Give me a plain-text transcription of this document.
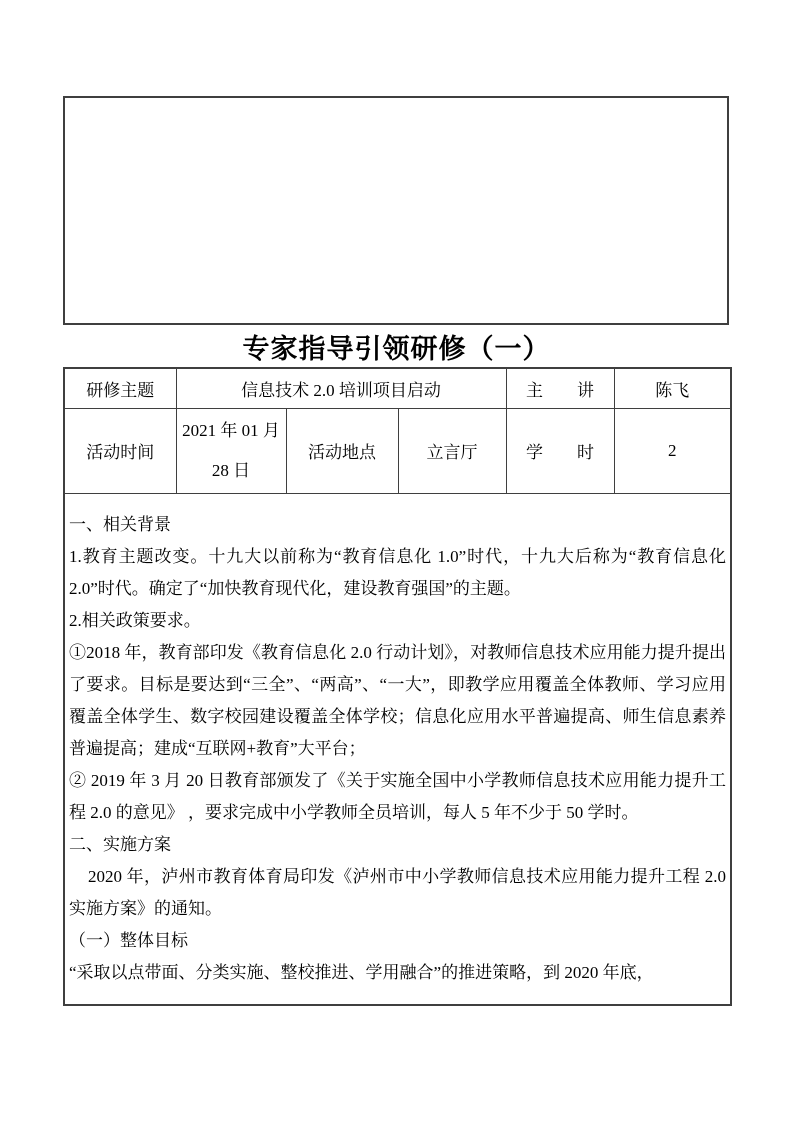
专家指导引领研修（一）
研修主题	信息技术 2.0 培训项目启动			主　　讲	陈飞
活动时间	2021 年 01 月 28 日	活动地点	立言厅	学　　时	2

一、相关背景

1.教育主题改变。十九大以前称为“教育信息化 1.0”时代，十九大后称为“教育信息化 2.0”时代。确定了“加快教育现代化，建设教育强国”的主题。

2.相关政策要求。

①2018 年，教育部印发《教育信息化 2.0 行动计划》，对教师信息技术应用能力提升提出了要求。目标是要达到“三全”、“两高”、“一大”，即教学应用覆盖全体教师、学习应用覆盖全体学生、数字校园建设覆盖全体学校；信息化应用水平普遍提高、师生信息素养普遍提高；建成“互联网+教育”大平台；

② 2019 年 3 月 20 日教育部颁发了《关于实施全国中小学教师信息技术应用能力提升工程 2.0 的意见》 ，要求完成中小学教师全员培训，每人 5 年不少于 50 学时。

二、实施方案

2020 年，泸州市教育体育局印发《泸州市中小学教师信息技术应用能力提升工程 2.0 实施方案》的通知。

（一）整体目标

“采取以点带面、分类实施、整校推进、学用融合”的推进策略，到 2020 年底，
